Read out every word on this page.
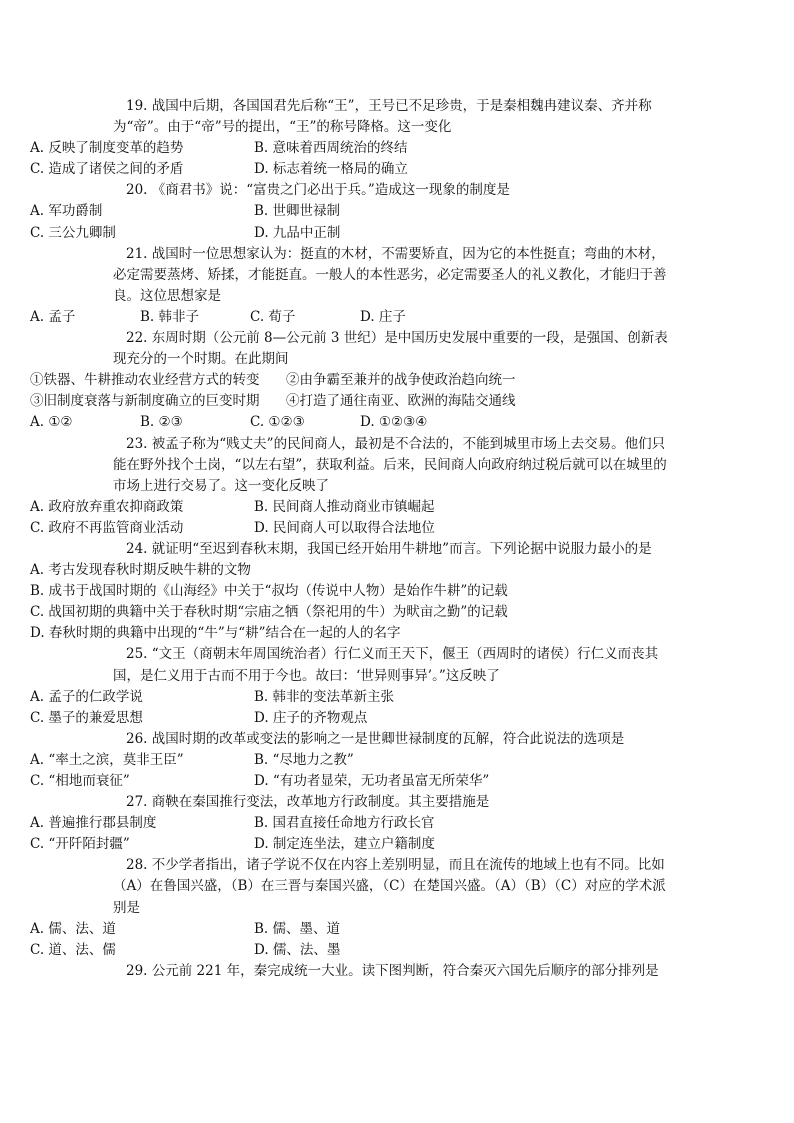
19. 战国中后期，各国国君先后称“王”，王号已不足珍贵，于是秦相魏冉建议秦、齐并称为“帝”。由于“帝”号的提出，“王”的称号降格。这一变化
A. 反映了制度变革的趋势	B. 意味着西周统治的终结
C. 造成了诸侯之间的矛盾	D. 标志着统一格局的确立
20. 《商君书》说：“富贵之门必出于兵。”造成这一现象的制度是
A. 军功爵制	B. 世卿世禄制
C. 三公九卿制	D. 九品中正制
21. 战国时一位思想家认为：挺直的木材，不需要矫直，因为它的本性挺直；弯曲的木材，必定需要蒸烤、矫揉，才能挺直。一般人的本性恶劣，必定需要圣人的礼义教化，才能归于善良。这位思想家是
A. 孟子	B. 韩非子	C. 荀子	D. 庄子
22. 东周时期（公元前 8—公元前 3 世纪）是中国历史发展中重要的一段，是强国、创新表现充分的一个时期。在此期间
①铁器、牛耕推动农业经营方式的转变	②由争霸至兼并的战争使政治趋向统一
③旧制度衰落与新制度确立的巨变时期	④打造了通往南亚、欧洲的海陆交通线
A. ①②	B. ②③	C. ①②③	D. ①②③④
23. 被孟子称为“贱丈夫”的民间商人，最初是不合法的，不能到城里市场上去交易。他们只能在野外找个土岗，“以左右望”，获取利益。后来，民间商人向政府纳过税后就可以在城里的市场上进行交易了。这一变化反映了
A. 政府放弃重农抑商政策	B. 民间商人推动商业市镇崛起
C. 政府不再监管商业活动	D. 民间商人可以取得合法地位
24. 就证明“至迟到春秋末期，我国已经开始用牛耕地”而言。下列论据中说服力最小的是
A. 考古发现春秋时期反映牛耕的文物
B. 成书于战国时期的《山海经》中关于“叔均（传说中人物）是始作牛耕”的记载
C. 战国初期的典籍中关于春秋时期“宗庙之牺（祭祀用的牛）为畎亩之勤”的记载
D. 春秋时期的典籍中出现的“牛”与“耕”结合在一起的人的名字
25. “文王（商朝末年周国统治者）行仁义而王天下，偃王（西周时的诸侯）行仁义而丧其国，是仁义用于古而不用于今也。故曰：‘世异则事异’。”这反映了
A. 孟子的仁政学说	B. 韩非的变法革新主张
C. 墨子的兼爱思想	D. 庄子的齐物观点
26. 战国时期的改革或变法的影响之一是世卿世禄制度的瓦解，符合此说法的选项是
A. “率土之滨，莫非王臣”	B. “尽地力之教”
C. “相地而衰征”	D. “有功者显荣，无功者虽富无所荣华”
27. 商鞅在秦国推行变法，改革地方行政制度。其主要措施是
A. 普遍推行郡县制度	B. 国君直接任命地方行政长官
C. “开阡陌封疆”	D. 制定连坐法，建立户籍制度
28. 不少学者指出，诸子学说不仅在内容上差别明显，而且在流传的地域上也有不同。比如（A）在鲁国兴盛，（B）在三晋与秦国兴盛，（C）在楚国兴盛。（A）（B）（C）对应的学术派别是
A. 儒、法、道	B. 儒、墨、道
C. 道、法、儒	D. 儒、法、墨
29. 公元前 221 年，秦完成统一大业。读下图判断，符合秦灭六国先后顺序的部分排列是
